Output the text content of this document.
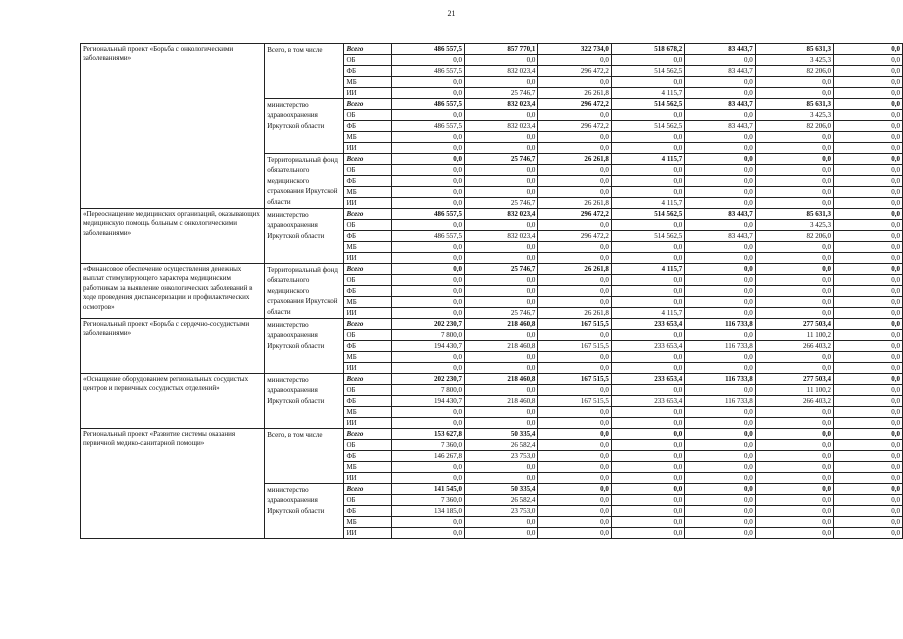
21
Региональный проект «Борьба с онкологическими заболеваниями»	Всего, в том числе	Всего	486 557,5	857 770,1	322 734,0	518 678,2	83 443,7	85 631,3	0,0
		ОБ	0,0	0,0	0,0	0,0	0,0	3 425,3	0,0
		ФБ	486 557,5	832 023,4	296 472,2	514 562,5	83 443,7	82 206,0	0,0
		МБ	0,0	0,0	0,0	0,0	0,0	0,0	0,0
		ИИ	0,0	25 746,7	26 261,8	4 115,7	0,0	0,0	0,0
	министерство здравоохранения Иркутской области	Всего	486 557,5	832 023,4	296 472,2	514 562,5	83 443,7	85 631,3	0,0
		ОБ	0,0	0,0	0,0	0,0	0,0	3 425,3	0,0
		ФБ	486 557,5	832 023,4	296 472,2	514 562,5	83 443,7	82 206,0	0,0
		МБ	0,0	0,0	0,0	0,0	0,0	0,0	0,0
		ИИ	0,0	0,0	0,0	0,0	0,0	0,0	0,0
	Территориальный фонд обязательного медицинского страхования Иркутской области	Всего	0,0	25 746,7	26 261,8	4 115,7	0,0	0,0	0,0
		ОБ	0,0	0,0	0,0	0,0	0,0	0,0	0,0
		ФБ	0,0	0,0	0,0	0,0	0,0	0,0	0,0
		МБ	0,0	0,0	0,0	0,0	0,0	0,0	0,0
		ИИ	0,0	25 746,7	26 261,8	4 115,7	0,0	0,0	0,0
«Переоснащение медицинских организаций, оказывающих медицинскую помощь больным с онкологическими заболеваниями»	министерство здравоохранения Иркутской области	Всего	486 557,5	832 023,4	296 472,2	514 562,5	83 443,7	85 631,3	0,0
		ОБ	0,0	0,0	0,0	0,0	0,0	3 425,3	0,0
		ФБ	486 557,5	832 023,4	296 472,2	514 562,5	83 443,7	82 206,0	0,0
		МБ	0,0	0,0	0,0	0,0	0,0	0,0	0,0
		ИИ	0,0	0,0	0,0	0,0	0,0	0,0	0,0
«Финансовое обеспечение осуществления денежных выплат стимулирующего характера медицинским работникам за выявление онкологических заболеваний в ходе проведения диспансеризации и профилактических осмотров»	Территориальный фонд обязательного медицинского страхования Иркутской области	Всего	0,0	25 746,7	26 261,8	4 115,7	0,0	0,0	0,0
		ОБ	0,0	0,0	0,0	0,0	0,0	0,0	0,0
		ФБ	0,0	0,0	0,0	0,0	0,0	0,0	0,0
		МБ	0,0	0,0	0,0	0,0	0,0	0,0	0,0
		ИИ	0,0	25 746,7	26 261,8	4 115,7	0,0	0,0	0,0
Региональный проект «Борьба с сердечно-сосудистыми заболеваниями»	министерство здравоохранения Иркутской области	Всего	202 230,7	218 460,8	167 515,5	233 653,4	116 733,8	277 503,4	0,0
		ОБ	7 800,0	0,0	0,0	0,0	0,0	11 100,2	0,0
		ФБ	194 430,7	218 460,8	167 515,5	233 653,4	116 733,8	266 403,2	0,0
		МБ	0,0	0,0	0,0	0,0	0,0	0,0	0,0
		ИИ	0,0	0,0	0,0	0,0	0,0	0,0	0,0
«Оснащение оборудованием региональных сосудистых центров и первичных сосудистых отделений»	министерство здравоохранения Иркутской области	Всего	202 230,7	218 460,8	167 515,5	233 653,4	116 733,8	277 503,4	0,0
		ОБ	7 800,0	0,0	0,0	0,0	0,0	11 100,2	0,0
		ФБ	194 430,7	218 460,8	167 515,5	233 653,4	116 733,8	266 403,2	0,0
		МБ	0,0	0,0	0,0	0,0	0,0	0,0	0,0
		ИИ	0,0	0,0	0,0	0,0	0,0	0,0	0,0
Региональный проект «Развитие системы оказания первичной медико-санитарной помощи»	Всего, в том числе	Всего	153 627,8	50 335,4	0,0	0,0	0,0	0,0	0,0
		ОБ	7 360,0	26 582,4	0,0	0,0	0,0	0,0	0,0
		ФБ	146 267,8	23 753,0	0,0	0,0	0,0	0,0	0,0
		МБ	0,0	0,0	0,0	0,0	0,0	0,0	0,0
		ИИ	0,0	0,0	0,0	0,0	0,0	0,0	0,0
	министерство здравоохранения Иркутской области	Всего	141 545,0	50 335,4	0,0	0,0	0,0	0,0	0,0
		ОБ	7 360,0	26 582,4	0,0	0,0	0,0	0,0	0,0
		ФБ	134 185,0	23 753,0	0,0	0,0	0,0	0,0	0,0
		МБ	0,0	0,0	0,0	0,0	0,0	0,0	0,0
		ИИ	0,0	0,0	0,0	0,0	0,0	0,0	0,0
